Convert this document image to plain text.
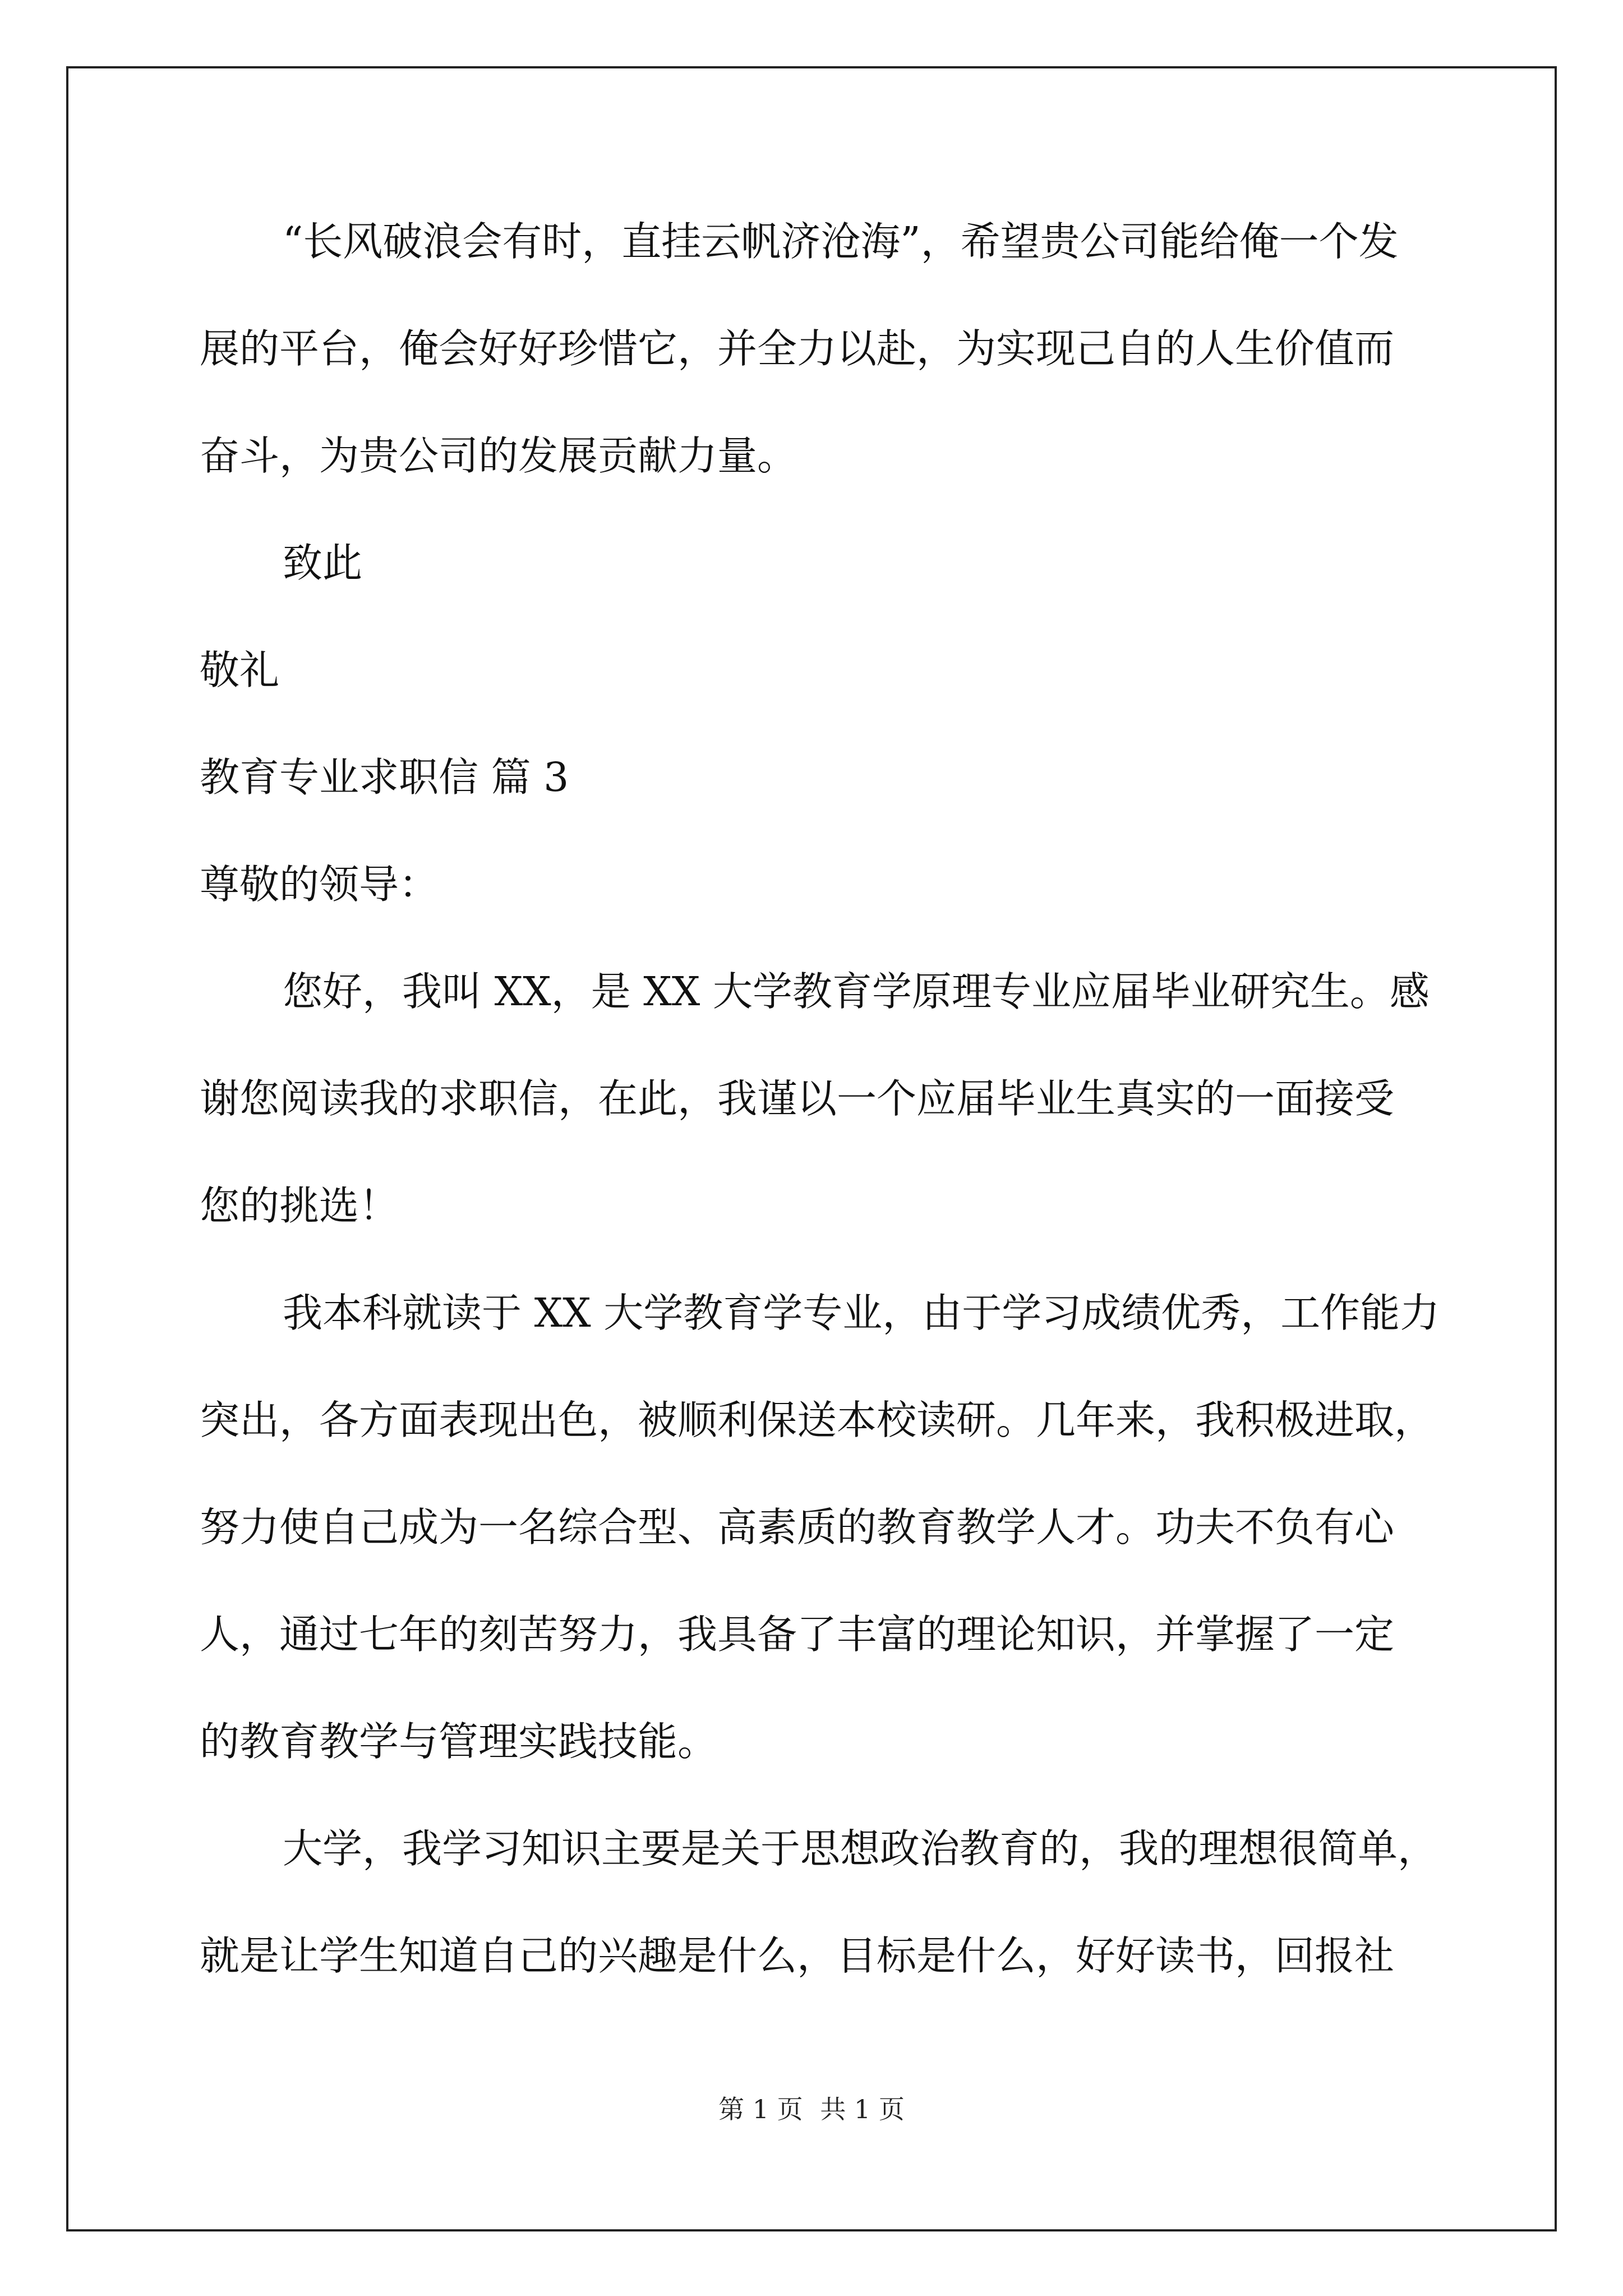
“长风破浪会有时，直挂云帆济沧海”，希望贵公司能给俺一个发
展的平台，俺会好好珍惜它，并全力以赴，为实现己自的人生价值而
奋斗，为贵公司的发展贡献力量。
致此
敬礼
教育专业求职信 篇 3
尊敬的领导：
您好，我叫 XX，是 XX 大学教育学原理专业应届毕业研究生。感
谢您阅读我的求职信，在此，我谨以一个应届毕业生真实的一面接受
您的挑选！
我本科就读于 XX 大学教育学专业，由于学习成绩优秀，工作能力
突出，各方面表现出色，被顺利保送本校读研。几年来，我积极进取，
努力使自己成为一名综合型、高素质的教育教学人才。功夫不负有心
人，通过七年的刻苦努力，我具备了丰富的理论知识，并掌握了一定
的教育教学与管理实践技能。
大学，我学习知识主要是关于思想政治教育的，我的理想很简单，
就是让学生知道自己的兴趣是什么，目标是什么，好好读书，回报社
第 1 页 共 1 页
